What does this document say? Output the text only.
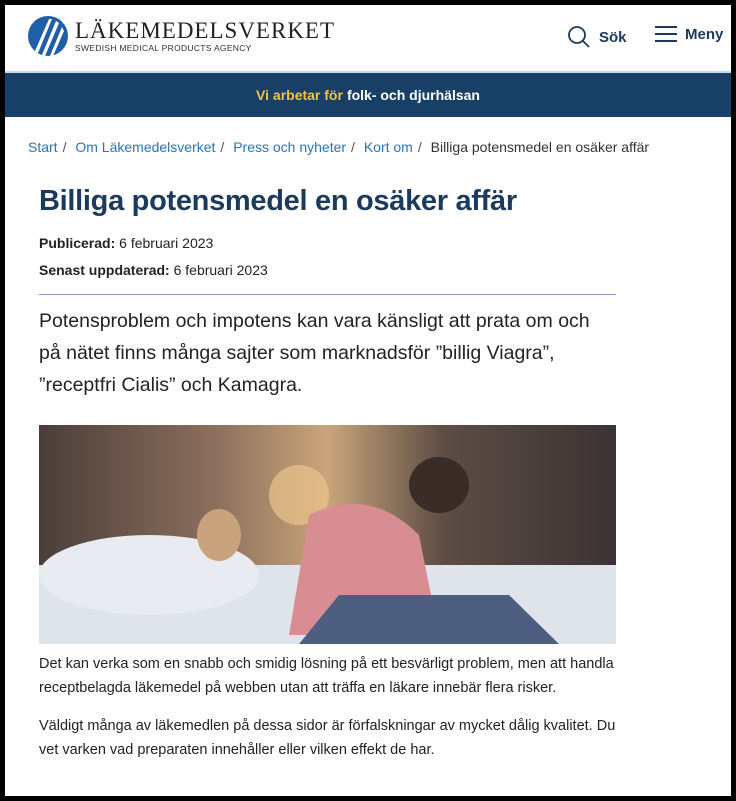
LÄKEMEDELSVERKET
SWEDISH MEDICAL PRODUCTS AGENCY
Sök	Meny
Vi arbetar för folk- och djurhälsan
Start / Om Läkemedelsverket / Press och nyheter / Kort om / Billiga potensmedel en osäker affär
Billiga potensmedel en osäker affär
Publicerad: 6 februari 2023
Senast uppdaterad: 6 februari 2023

Potensproblem och impotens kan vara känsligt att prata om och på nätet finns många sajter som marknadsför ”billig Viagra”, ”receptfri Cialis” och Kamagra.

Det kan verka som en snabb och smidig lösning på ett besvärligt problem, men att handla receptbelagda läkemedel på webben utan att träffa en läkare innebär flera risker.

Väldigt många av läkemedlen på dessa sidor är förfalskningar av mycket dålig kvalitet. Du vet varken vad preparaten innehåller eller vilken effekt de har.
